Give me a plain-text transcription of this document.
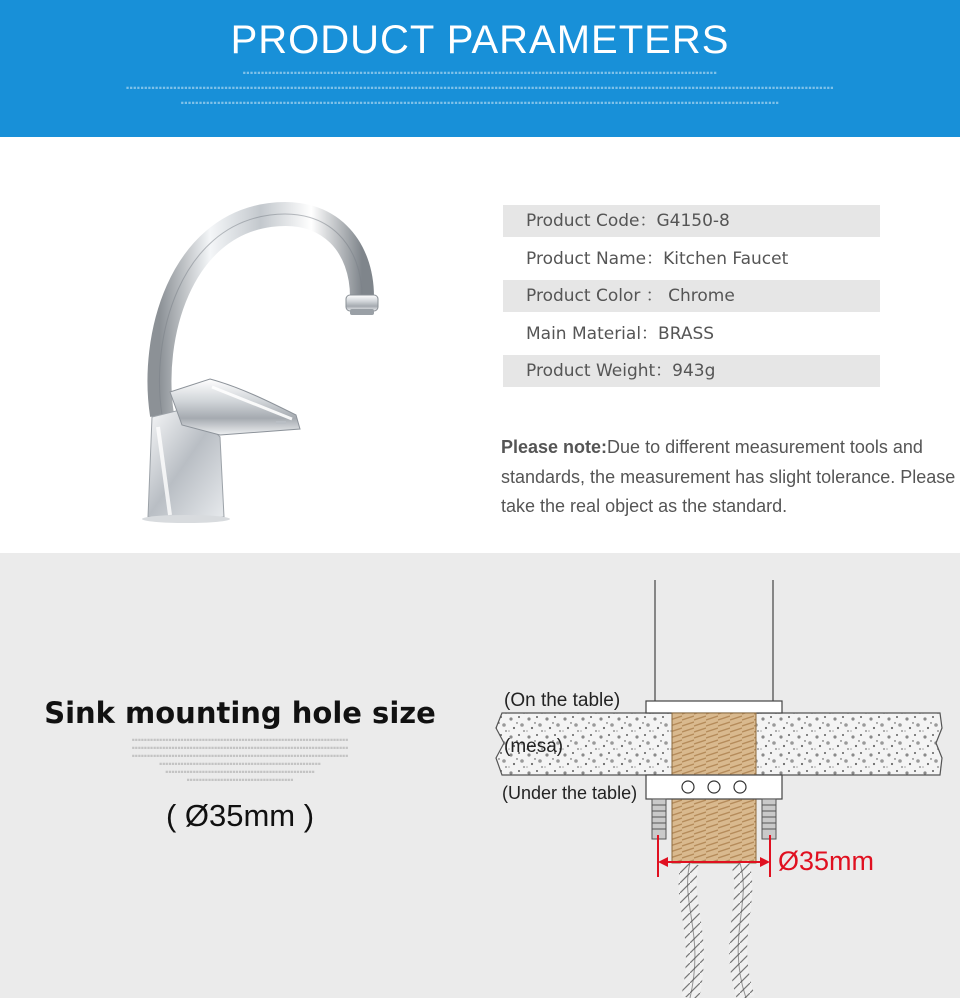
PRODUCT PARAMETERS
▪▪▪▪▪▪▪▪▪▪▪▪▪▪▪▪▪▪▪▪▪▪▪▪▪▪▪▪▪▪▪▪▪▪▪▪▪▪▪▪▪▪▪▪▪▪▪▪▪▪▪▪▪▪▪▪▪▪▪▪▪▪▪▪▪▪▪▪▪▪▪▪▪▪▪▪▪▪▪▪▪▪▪▪▪▪▪▪▪▪▪▪▪▪▪▪▪▪▪▪▪▪▪▪▪▪▪▪▪▪▪▪▪▪▪▪▪▪▪▪▪▪▪▪▪▪▪▪▪▪
▪▪▪▪▪▪▪▪▪▪▪▪▪▪▪▪▪▪▪▪▪▪▪▪▪▪▪▪▪▪▪▪▪▪▪▪▪▪▪▪▪▪▪▪▪▪▪▪▪▪▪▪▪▪▪▪▪▪▪▪▪▪▪▪▪▪▪▪▪▪▪▪▪▪▪▪▪▪▪▪▪▪▪▪▪▪▪▪▪▪▪▪▪▪▪▪▪▪▪▪▪▪▪▪▪▪▪▪▪▪▪▪▪▪▪▪▪▪▪▪▪▪▪▪▪▪▪▪▪▪▪▪▪▪▪▪▪▪▪▪▪▪▪▪▪▪▪▪▪▪▪▪▪▪▪▪▪▪▪▪▪▪▪▪▪▪▪▪▪▪▪▪▪▪▪▪▪▪▪▪▪▪▪▪▪▪▪▪▪▪▪▪▪▪
▪▪▪▪▪▪▪▪▪▪▪▪▪▪▪▪▪▪▪▪▪▪▪▪▪▪▪▪▪▪▪▪▪▪▪▪▪▪▪▪▪▪▪▪▪▪▪▪▪▪▪▪▪▪▪▪▪▪▪▪▪▪▪▪▪▪▪▪▪▪▪▪▪▪▪▪▪▪▪▪▪▪▪▪▪▪▪▪▪▪▪▪▪▪▪▪▪▪▪▪▪▪▪▪▪▪▪▪▪▪▪▪▪▪▪▪▪▪▪▪▪▪▪▪▪▪▪▪▪▪▪▪▪▪▪▪▪▪▪▪▪▪▪▪▪▪▪▪▪▪▪▪▪▪▪▪▪▪▪▪▪▪▪▪
Product Code：G4150-8
Product Name：Kitchen Faucet
Product Color ： Chrome
Main Material：BRASS
Product Weight：943g
Please note:Due to different measurement tools and standards, the measurement has slight tolerance. Please take the real object as the standard.
Sink mounting hole size
▪▪▪▪▪▪▪▪▪▪▪▪▪▪▪▪▪▪▪▪▪▪▪▪▪▪▪▪▪▪▪▪▪▪▪▪▪▪▪▪▪▪▪▪▪▪▪▪▪▪▪▪▪▪▪▪▪▪▪▪▪▪▪▪▪▪▪▪▪▪▪
▪▪▪▪▪▪▪▪▪▪▪▪▪▪▪▪▪▪▪▪▪▪▪▪▪▪▪▪▪▪▪▪▪▪▪▪▪▪▪▪▪▪▪▪▪▪▪▪▪▪▪▪▪▪▪▪▪▪▪▪▪▪▪▪▪▪▪▪▪▪▪
▪▪▪▪▪▪▪▪▪▪▪▪▪▪▪▪▪▪▪▪▪▪▪▪▪▪▪▪▪▪▪▪▪▪▪▪▪▪▪▪▪▪▪▪▪▪▪▪▪▪▪▪▪▪▪▪▪▪▪▪▪▪▪▪▪▪▪▪▪▪▪
▪▪▪▪▪▪▪▪▪▪▪▪▪▪▪▪▪▪▪▪▪▪▪▪▪▪▪▪▪▪▪▪▪▪▪▪▪▪▪▪▪▪▪▪▪▪▪▪▪▪▪▪▪
▪▪▪▪▪▪▪▪▪▪▪▪▪▪▪▪▪▪▪▪▪▪▪▪▪▪▪▪▪▪▪▪▪▪▪▪▪▪▪▪▪▪▪▪▪▪▪▪▪
▪▪▪▪▪▪▪▪▪▪▪▪▪▪▪▪▪▪▪▪▪▪▪▪▪▪▪▪▪▪▪▪▪▪▪
( Ø35mm )
(On the table)
(mesa)
(Under the table)
Ø35mm
